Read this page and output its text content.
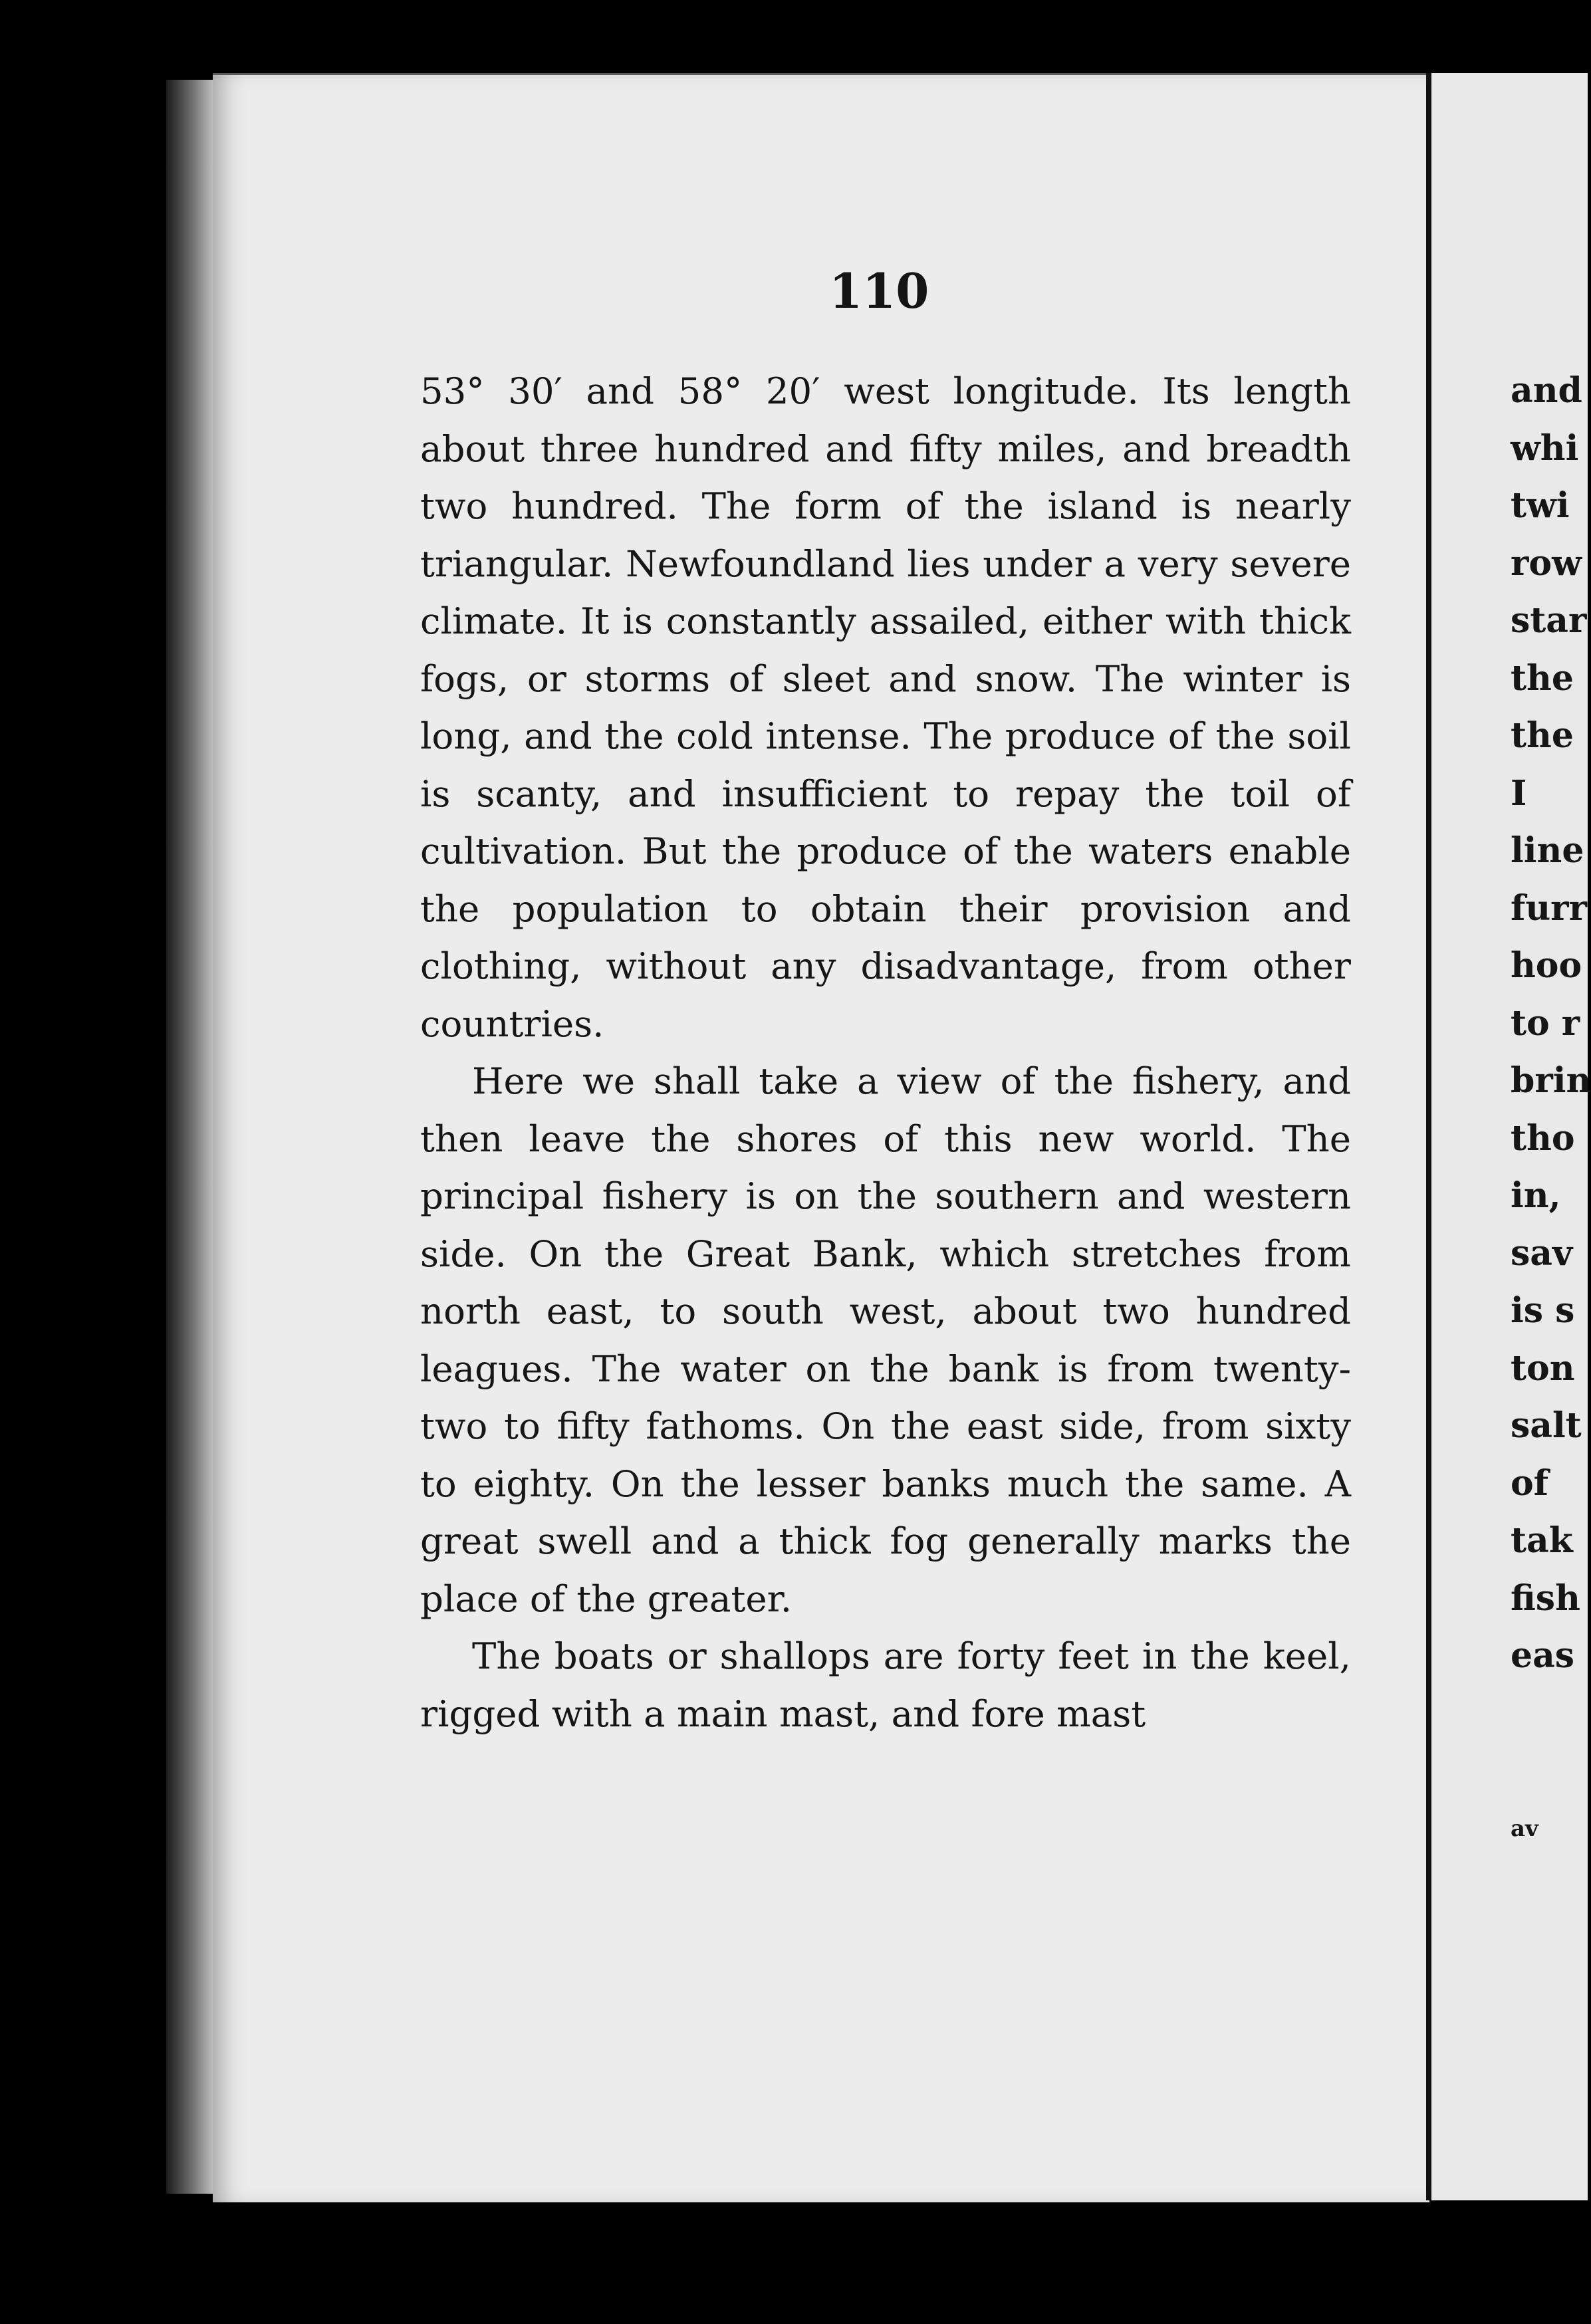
110

53° 30′ and 58° 20′ west longitude. Its length about three hundred and fifty miles, and breadth two hundred. The form of the island is nearly triangular. Newfoundland lies under a very severe climate. It is constantly assailed, either with thick fogs, or storms of sleet and snow. The winter is long, and the cold intense. The produce of the soil is scanty, and insufficient to repay the toil of cultivation. But the produce of the waters enable the population to obtain their provision and clothing, without any disadvantage, from other countries.

Here we shall take a view of the fishery, and then leave the shores of this new world. The principal fishery is on the southern and western side. On the Great Bank, which stretches from north east, to south west, about two hundred leagues. The water on the bank is from twenty-two to fifty fathoms. On the east side, from sixty to eighty. On the lesser banks much the same. A great swell and a thick fog generally marks the place of the greater.

The boats or shallops are forty feet in the keel, rigged with a main mast, and fore mast

and
whi
twi
row
star
the
the
I
line
furr
hoo
to r
brin
tho
in,
sav
is s
ton
salt
of
tak
fish
eas
av
